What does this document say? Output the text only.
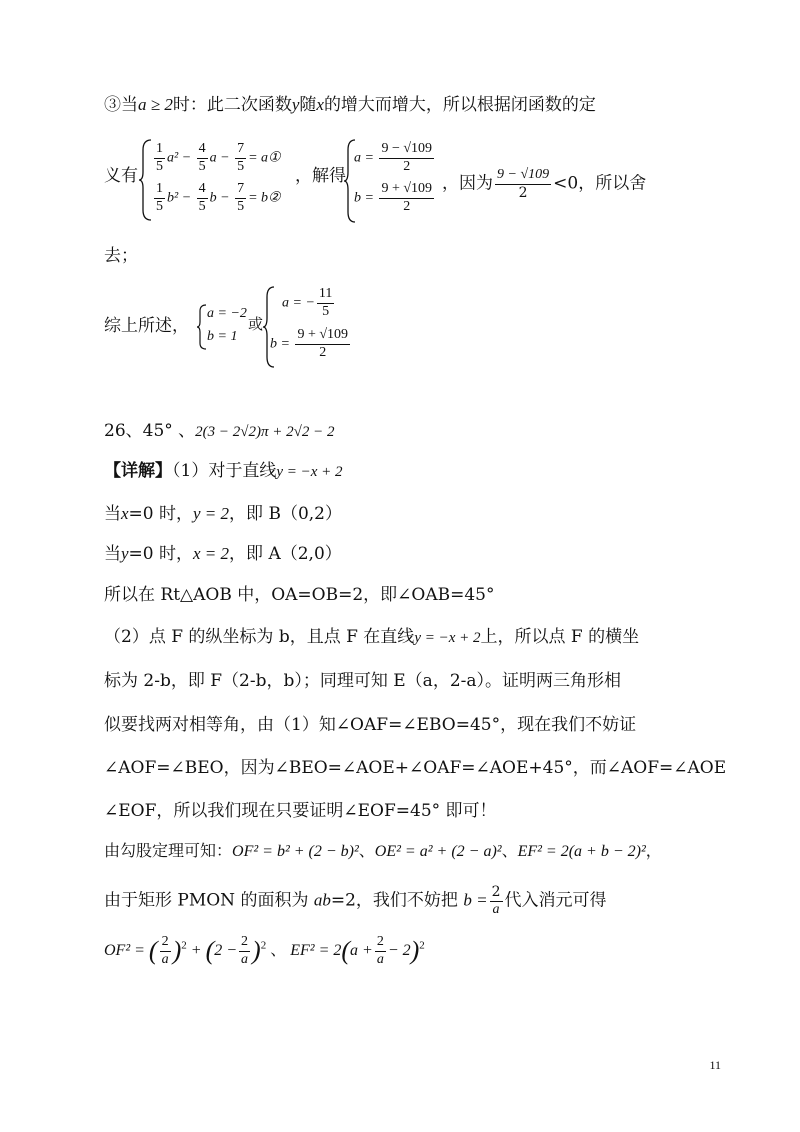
③当a ≥ 2时：此二次函数y随x的增大而增大，所以根据闭函数的定
义有
$\frac{1}{5} a^2 - \frac{4}{5}$ $a - \frac{7}{5}$ = a①
$\frac{1}{5} b^2 - \frac{4}{5}$ $b - \frac{7}{5}$ = b②
，解得
$a = \frac{9 - √109}{2}$
$b = \frac{9 + √109}{2}$ ，因为 $\frac{9 - √109}{2} <0$，所以舍
去；
综上所述，
a = −2
b = 1
或
a = − $\frac{11}{5}$
$b = \frac{9 + √109}{2}$
26、45° 、2(3 − 2√2)π + 2√2 − 2
【详解】（1）对于直线y = −x + 2
当x=0 时，y = 2，即 B（0,2）
当y=0 时，x = 2，即 A（2,0）
所以在 Rt△AOB 中，OA=OB=2，即∠OAB=45°
（2）点 F 的纵坐标为 b，且点 F 在直线y = −x + 2上，所以点 F 的横坐
标为 2-b，即 F（2-b，b）；同理可知 E（a，2-a）。证明两三角形相
似要找两对相等角，由（1）知∠OAF=∠EBO=45°，现在我们不妨证
∠AOF=∠BEO，因为∠BEO=∠AOE+∠OAF=∠AOE+45°，而∠AOF=∠AOE
∠EOF，所以我们现在只要证明∠EOF=45° 即可！
由勾股定理可知：OF² = b² + (2 − b)²、OE² = a² + (2 − a)²、EF² = 2(a + b − 2)²，
由于矩形 PMON 的面积为 ab=2，我们不妨把 $b = \frac{2}{a}$ 代入消元可得
OF² = ( $\frac{2}{a} )^2 + (2 - \frac{2}{a} )^2$ 、 $EF^2 = 2(a + \frac{2}{a} - 2)^2$
11
